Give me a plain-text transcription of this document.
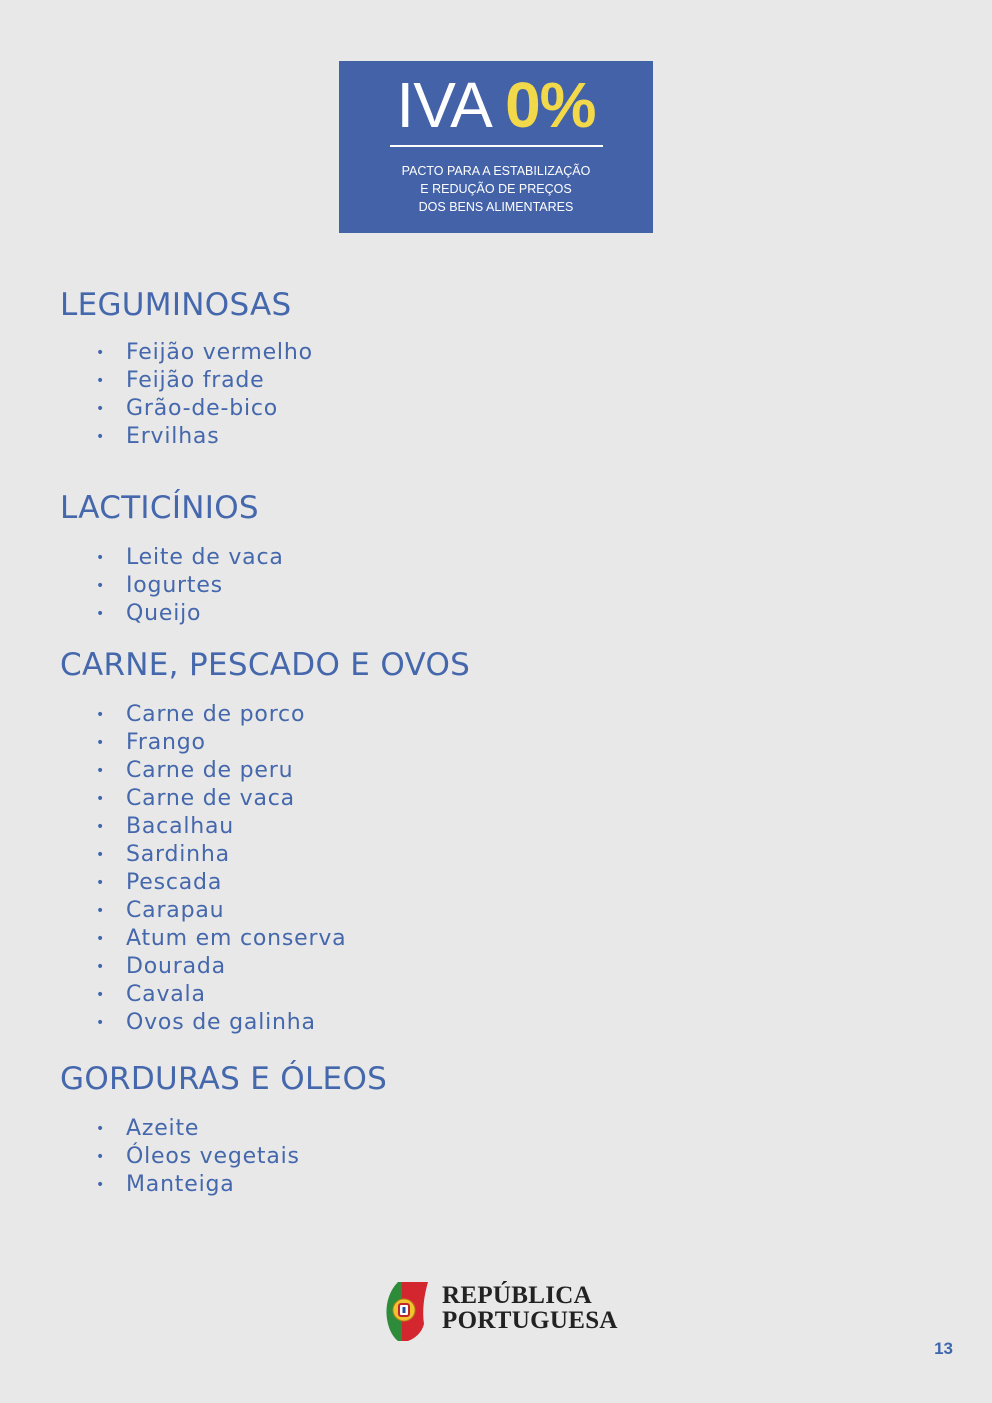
IVA 0%
PACTO PARA A ESTABILIZAÇÃO
E REDUÇÃO DE PREÇOS
DOS BENS ALIMENTARES
LEGUMINOSAS
• Feijão vermelho
• Feijão frade
• Grão-de-bico
• Ervilhas
LACTICÍNIOS
• Leite de vaca
• Iogurtes
• Queijo
CARNE, PESCADO E OVOS
• Carne de porco
• Frango
• Carne de peru
• Carne de vaca
• Bacalhau
• Sardinha
• Pescada
• Carapau
• Atum em conserva
• Dourada
• Cavala
• Ovos de galinha
GORDURAS E ÓLEOS
• Azeite
• Óleos vegetais
• Manteiga
REPÚBLICA
PORTUGUESA
13
